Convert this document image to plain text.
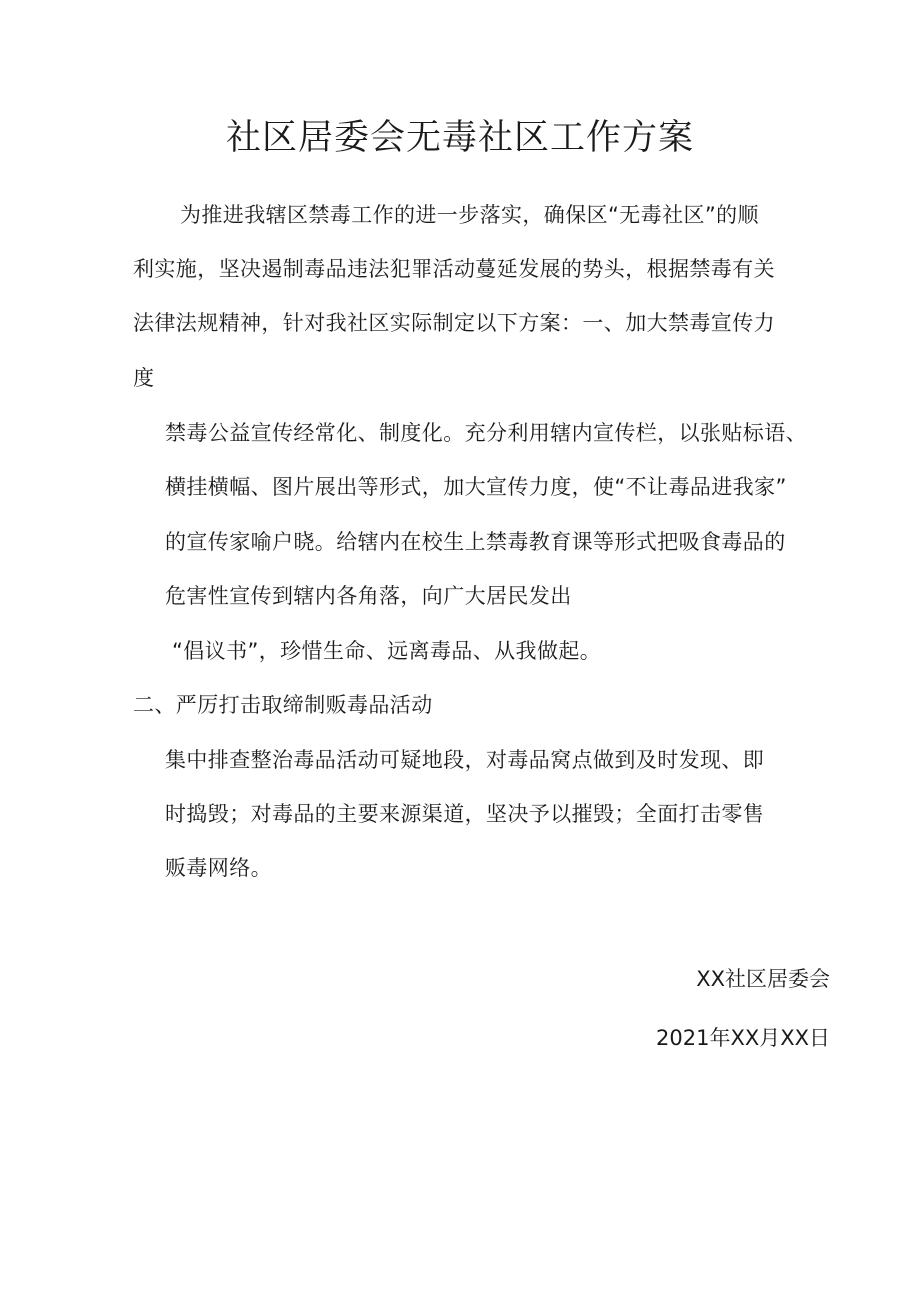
社区居委会无毒社区工作方案
为推进我辖区禁毒工作的进一步落实，确保区“无毒社区”的顺
利实施，坚决遏制毒品违法犯罪活动蔓延发展的势头，根据禁毒有关
法律法规精神，针对我社区实际制定以下方案：一、加大禁毒宣传力
度
禁毒公益宣传经常化、制度化。充分利用辖内宣传栏，以张贴标语、
横挂横幅、图片展出等形式，加大宣传力度，使“不让毒品进我家”
的宣传家喻户晓。给辖内在校生上禁毒教育课等形式把吸食毒品的
危害性宣传到辖内各角落，向广大居民发出
“倡议书”，珍惜生命、远离毒品、从我做起。
二、严厉打击取缔制贩毒品活动
集中排查整治毒品活动可疑地段，对毒品窝点做到及时发现、即
时捣毁；对毒品的主要来源渠道，坚决予以摧毁；全面打击零售
贩毒网络。
XX社区居委会
2021年XX月XX日
